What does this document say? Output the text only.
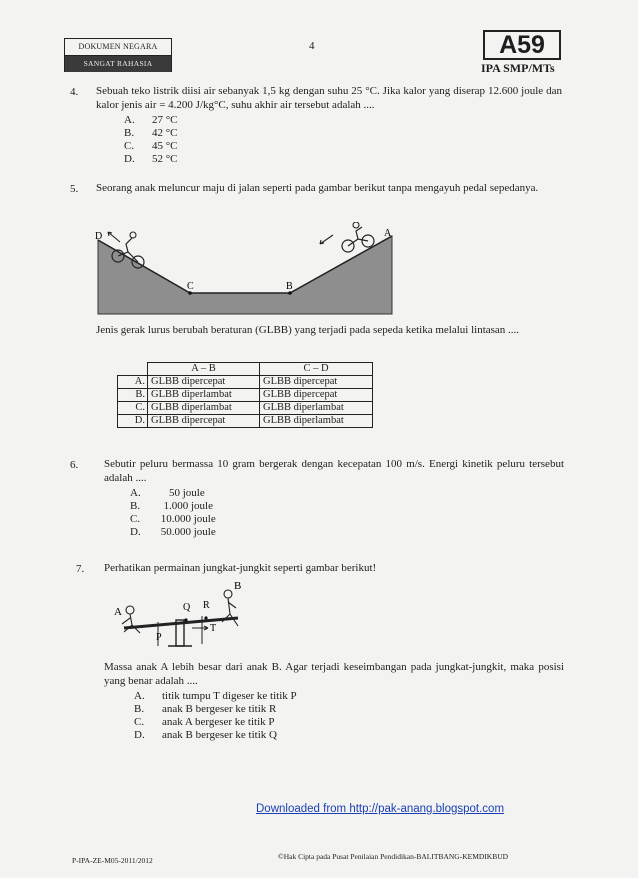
DOKUMEN NEGARA
SANGAT RAHASIA
4	A59
IPA SMP/MTs
4. Sebuah teko listrik diisi air sebanyak 1,5 kg dengan suhu 25 °C. Jika kalor yang diserap 12.600 joule dan kalor jenis air = 4.200 J/kg°C, suhu akhir air tersebut adalah ....
A.	27 °C
B.	42 °C
C.	45 °C
D.	52 °C
5. Seorang anak meluncur maju di jalan seperti pada gambar berikut tanpa mengayuh pedal sepedanya.
D
C	B
A
Jenis gerak lurus berubah beraturan (GLBB) yang terjadi pada sepeda ketika melalui lintasan ....
	A – B	C – D
A.	GLBB dipercepat	GLBB dipercepat
B.	GLBB diperlambat	GLBB dipercepat
C.	GLBB diperlambat	GLBB diperlambat
D.	GLBB dipercepat	GLBB diperlambat
6. Sebutir peluru bermassa 10 gram bergerak dengan kecepatan 100 m/s. Energi kinetik peluru tersebut adalah ....
A.	50 joule
B.	1.000 joule
C.	10.000 joule
D.	50.000 joule
7. Perhatikan permainan jungkat-jungkit seperti gambar berikut!
A
B
P
Q R
T
Massa anak A lebih besar dari anak B. Agar terjadi keseimbangan pada jungkat-jungkit, maka posisi yang benar adalah ....
A.	titik tumpu T digeser ke titik P
B.	anak B bergeser ke titik R
C.	anak A bergeser ke titik P
D.	anak B bergeser ke titik Q
Downloaded from http://pak-anang.blogspot.com
P-IPA-ZE-M05-2011/2012	©Hak Cipta pada Pusat Penilaian Pendidikan-BALITBANG-KEMDIKBUD
